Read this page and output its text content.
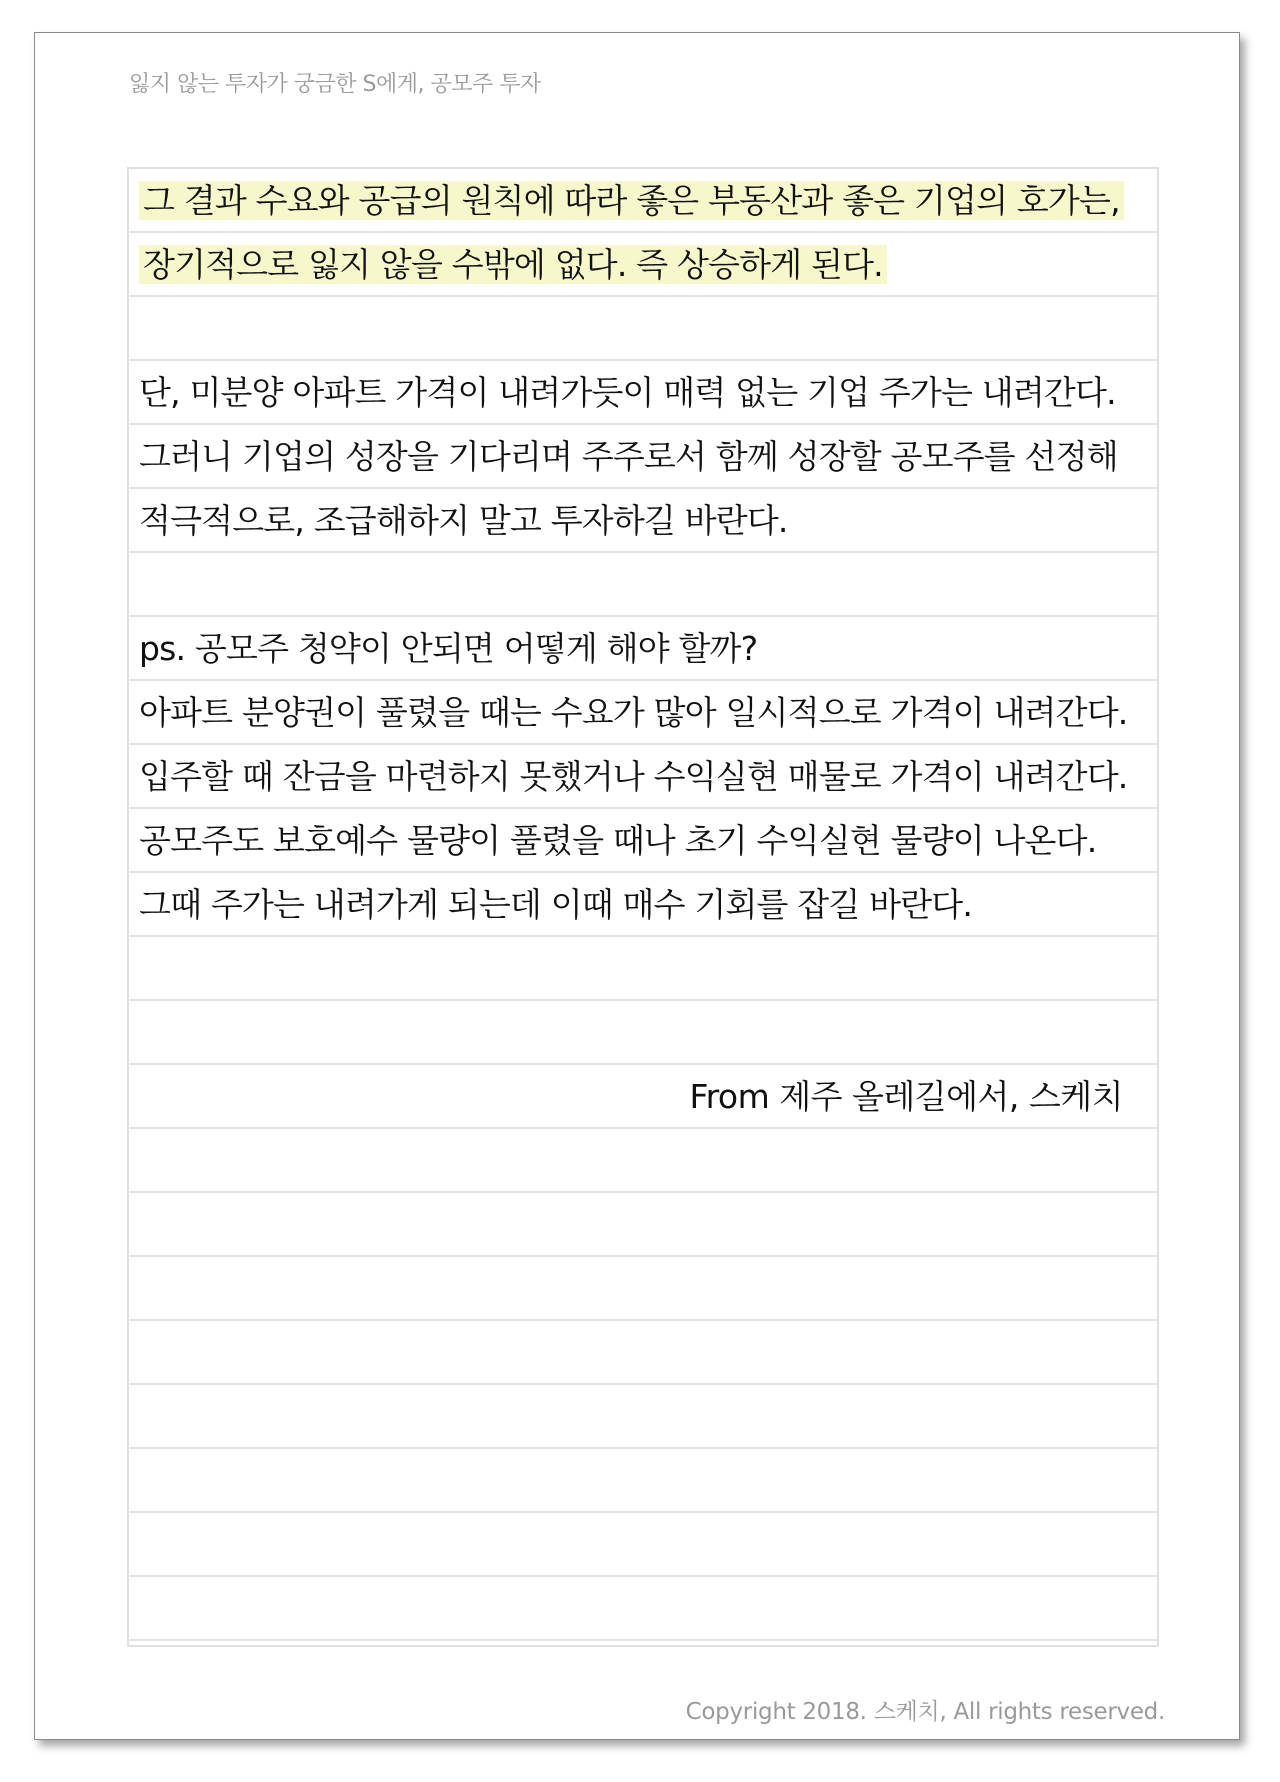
잃지 않는 투자가 궁금한 S에게, 공모주 투자
그 결과 수요와 공급의 원칙에 따라 좋은 부동산과 좋은 기업의 호가는,
장기적으로 잃지 않을 수밖에 없다. 즉 상승하게 된다.
단, 미분양 아파트 가격이 내려가듯이 매력 없는 기업 주가는 내려간다.
그러니 기업의 성장을 기다리며 주주로서 함께 성장할 공모주를 선정해
적극적으로, 조급해하지 말고 투자하길 바란다.
ps. 공모주 청약이 안되면 어떻게 해야 할까?
아파트 분양권이 풀렸을 때는 수요가 많아 일시적으로 가격이 내려간다.
입주할 때 잔금을 마련하지 못했거나 수익실현 매물로 가격이 내려간다.
공모주도 보호예수 물량이 풀렸을 때나 초기 수익실현 물량이 나온다.
그때 주가는 내려가게 되는데 이때 매수 기회를 잡길 바란다.
From 제주 올레길에서, 스케치
Copyright 2018. 스케치, All rights reserved.
